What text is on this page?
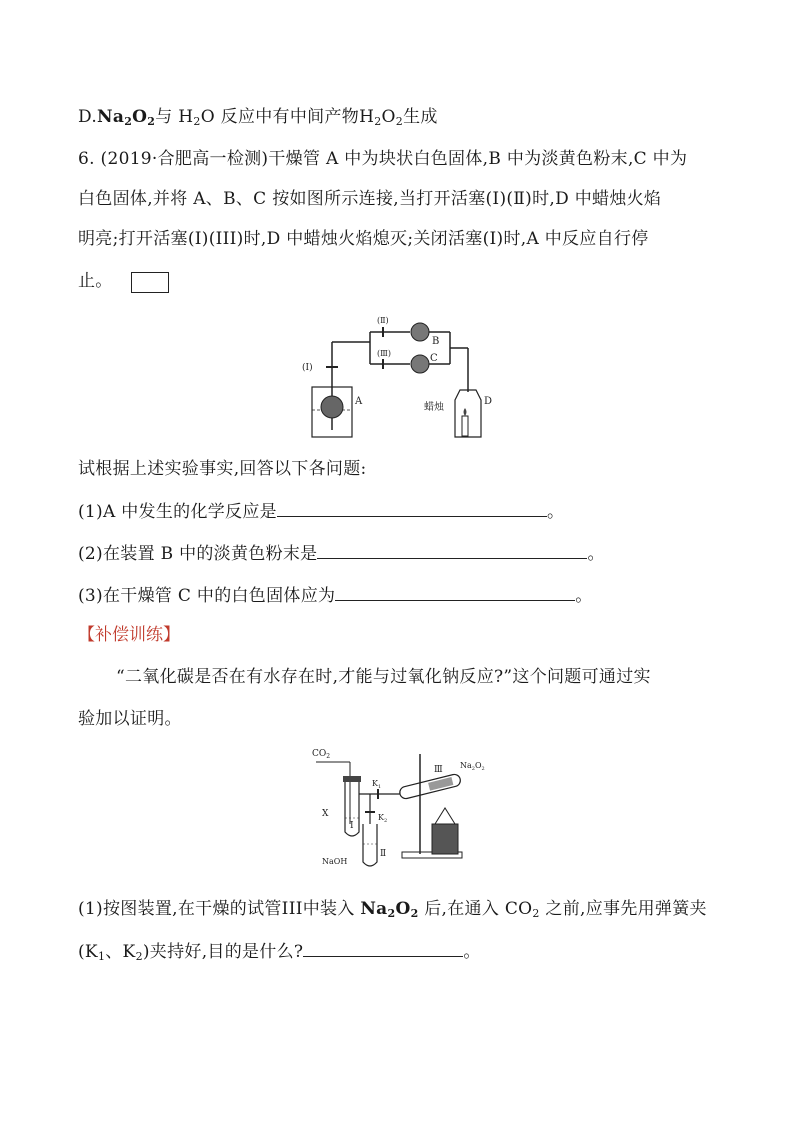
$D.Na_2O_2$与 $H_2O$ 反应中有中间产物$H_2O_2$生成
6. (2019·合肥高一检测)干燥管 A 中为块状白色固体,B 中为淡黄色粉末,C 中为
白色固体,并将 A、B、C 按如图所示连接,当打开活塞(Ⅰ)(Ⅱ)时,D 中蜡烛火焰
明亮;打开活塞(Ⅰ)(III)时,D 中蜡烛火焰熄灭;关闭活塞(Ⅰ)时,A 中反应自行停
止。
(Ⅰ)
A
(Ⅱ)
B
(Ⅲ)	C
D
蜡烛
试根据上述实验事实,回答以下各问题:
(1)A 中发生的化学反应是	。
(2)在装置 B 中的淡黄色粉末是	。
(3)在干燥管 C 中的白色固体应为	。
【补偿训练】
“二氧化碳是否在有水存在时,才能与过氧化钠反应?”这个问题可通过实
验加以证明。
$CO_2$
X
I
$K_1$
$K_2$
NaOH
Ⅱ
Ⅲ $Na_2O_2$
(1)按图装置,在干燥的试管III中装入 $Na_2O_2$ 后,在通入 $CO_2$ 之前,应事先用弹簧夹
($K_1$、$K_2$)夹持好,目的是什么?	。
